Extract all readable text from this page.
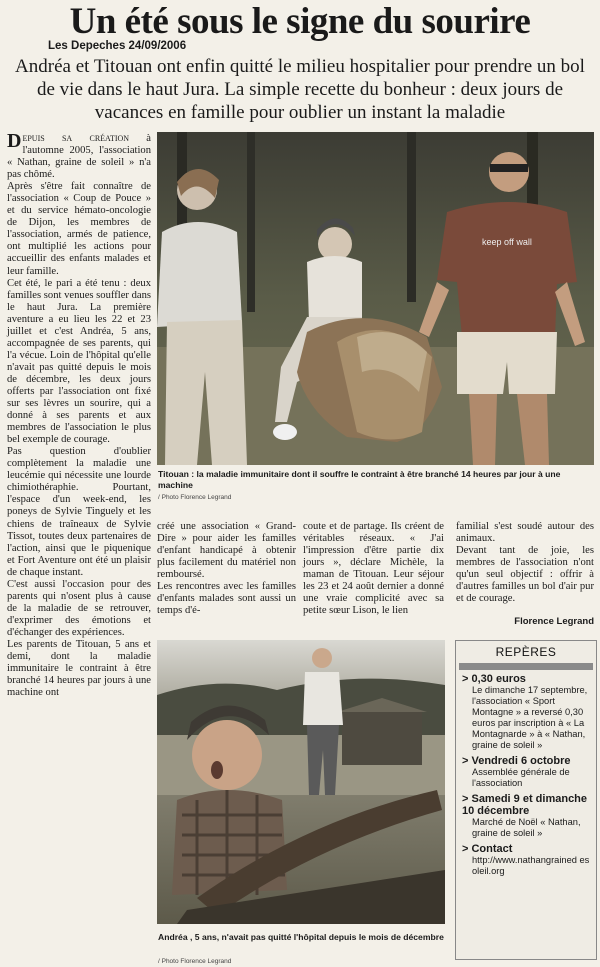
Un été sous le signe du sourire
Les Depeches 24/09/2006
Andréa et Titouan ont enfin quitté le milieu hospitalier pour prendre un bol de vie dans le haut Jura. La simple recette du bonheur : deux jours de vacances en famille pour oublier un instant la maladie

Depuis sa création à l'automne 2005, l'association « Nathan, graine de soleil » n'a pas chômé.

Après s'être fait connaître de l'association « Coup de Pouce » et du service hémato-oncologie de Dijon, les membres de l'association, armés de patience, ont multiplié les actions pour accueillir des enfants malades et leur famille.

Cet été, le pari a été tenu : deux familles sont venues souffler dans le haut Jura. La première aventure a eu lieu les 22 et 23 juillet et c'est Andréa, 5 ans, accompagnée de ses parents, qui l'a vécue. Loin de l'hôpital qu'elle n'avait pas quitté depuis le mois de décembre, les deux jours offerts par l'association ont fixé sur ses lèvres un sourire, qui a donné à ses parents et aux membres de l'association le plus bel exemple de courage.

Pas question d'oublier complètement la maladie une leucémie qui nécessite une lourde chimiothéraphie. Pourtant, l'espace d'un week-end, les poneys de Sylvie Tinguely et les chiens de traîneaux de Sylvie Tissot, toutes deux partenaires de l'action, ainsi que le piquenique et Fort Aventure ont été un plaisir de chaque instant.

C'est aussi l'occasion pour des parents qui n'osent plus à cause de la maladie de se retrouver, d'exprimer des émotions et d'échanger des expériences.

Les parents de Titouan, 5 ans et demi, dont la maladie immunitaire le contraint à être branché 14 heures par jours à une machine ont

keep off wall
Titouan : la maladie immunitaire dont il souffre le contraint à être branché 14 heures par jour à une machine
/ Photo Florence Legrand

créé une association « Grand-Dire » pour aider les familles d'enfant handicapé à obtenir plus facilement du matériel non remboursé.

Les rencontres avec les familles d'enfants malades sont aussi un temps d'é-

coute et de partage. Ils créent de véritables réseaux. « J'ai l'impression d'être partie dix jours », déclare Michèle, la maman de Titouan. Leur séjour les 23 et 24 août dernier a donné une vraie complicité avec sa petite sœur Lison, le lien

familial s'est soudé autour des animaux.

Devant tant de joie, les membres de l'association n'ont qu'un seul objectif : offrir à d'autres familles un bol d'air pur et de courage.

Florence Legrand
Andréa , 5 ans, n'avait pas quitté l'hôpital depuis le mois de décembre
/ Photo Florence Legrand
REPÈRES
> 0,30 euros
Le dimanche 17 septembre, l'association « Sport Montagne » a reversé 0,30 euros par inscription à « La Montagnarde » à « Nathan, graine de soleil »
> Vendredi 6 octobre
Assemblée générale de l'association
> Samedi 9 et dimanche 10 décembre
Marché de Noël « Nathan, graine de soleil »
> Contact
http://www.nathangrained esoleil.org
